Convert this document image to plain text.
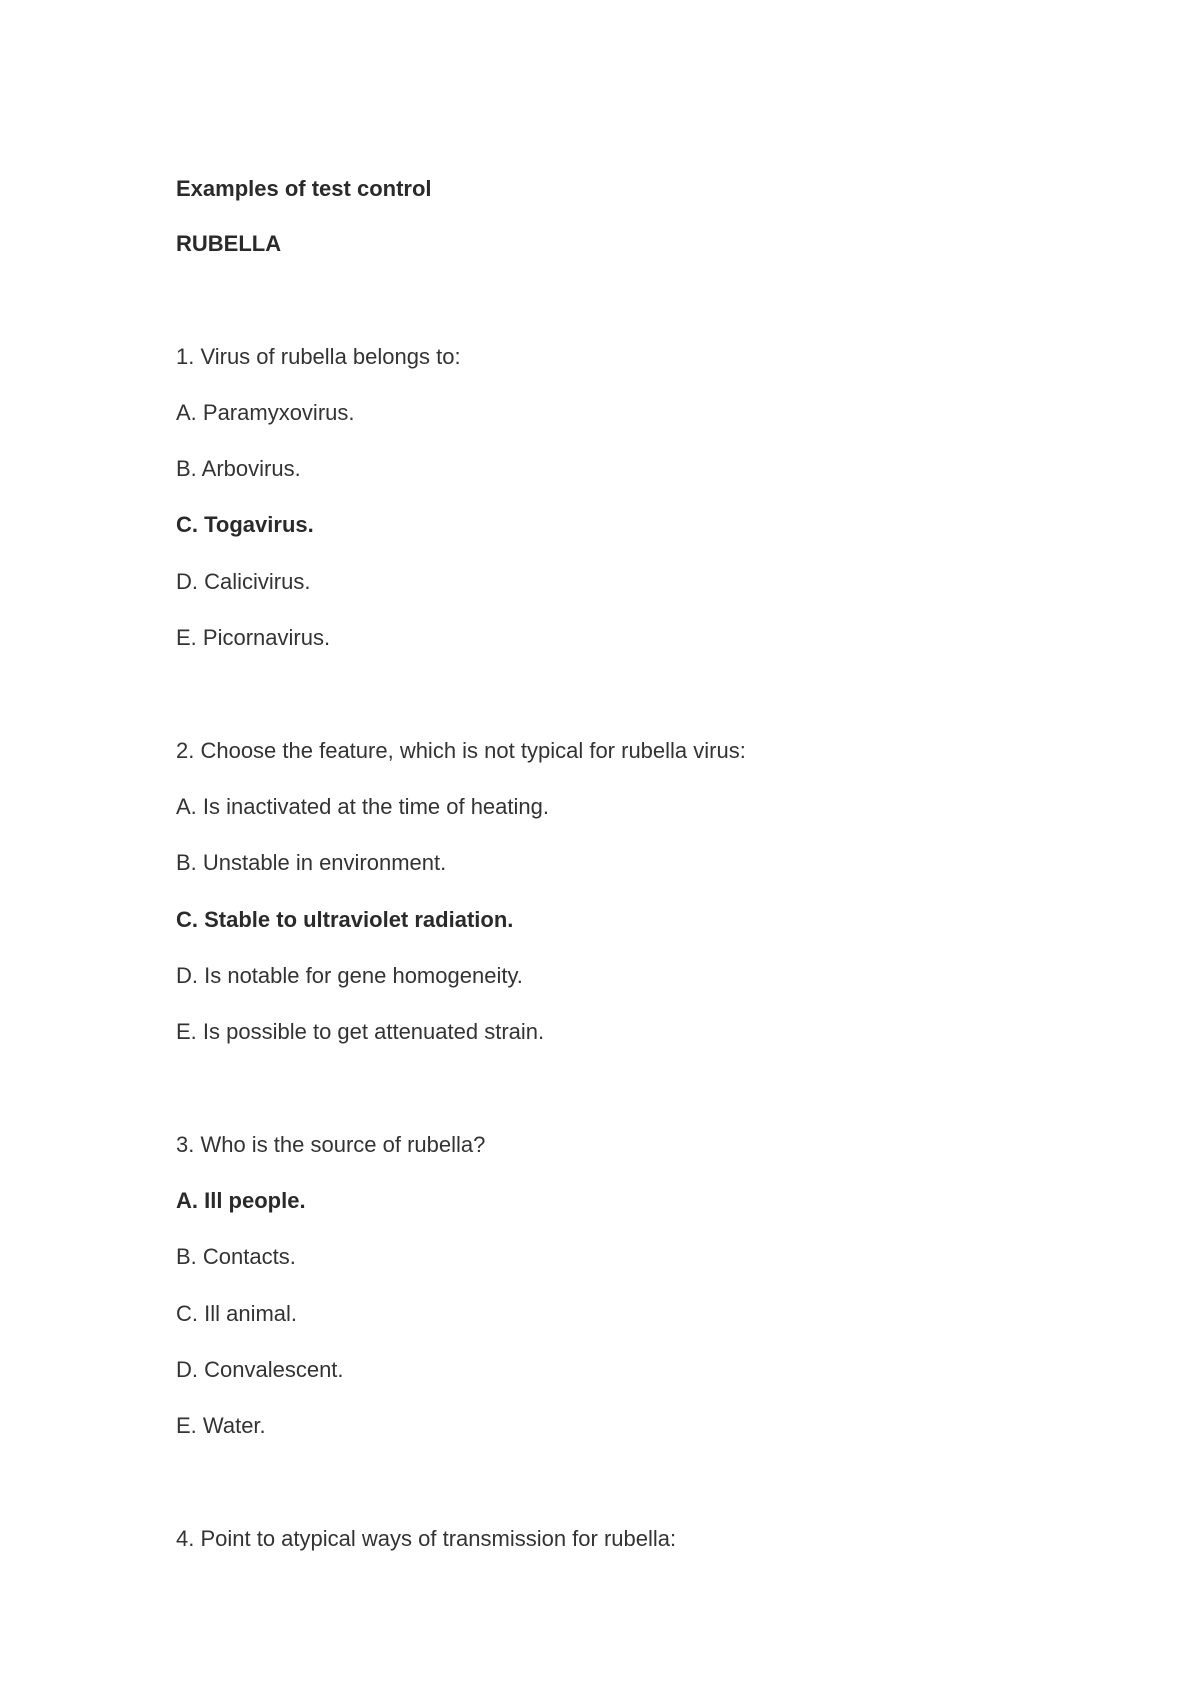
Examples of test control
RUBELLA
1. Virus of rubella belongs to:
A. Paramyxovirus.
B. Arbovirus.
C. Togavirus.
D. Calicivirus.
E. Picornavirus.
2. Choose the feature, which is not typical for rubella virus:
A. Is inactivated at the time of heating.
B. Unstable in environment.
C. Stable to ultraviolet radiation.
D. Is notable for gene homogeneity.
E. Is possible to get attenuated strain.
3. Who is the source of rubella?
A. Ill people.
B. Contacts.
C. Ill animal.
D. Convalescent.
E. Water.
4. Point to atypical ways of transmission for rubella:
